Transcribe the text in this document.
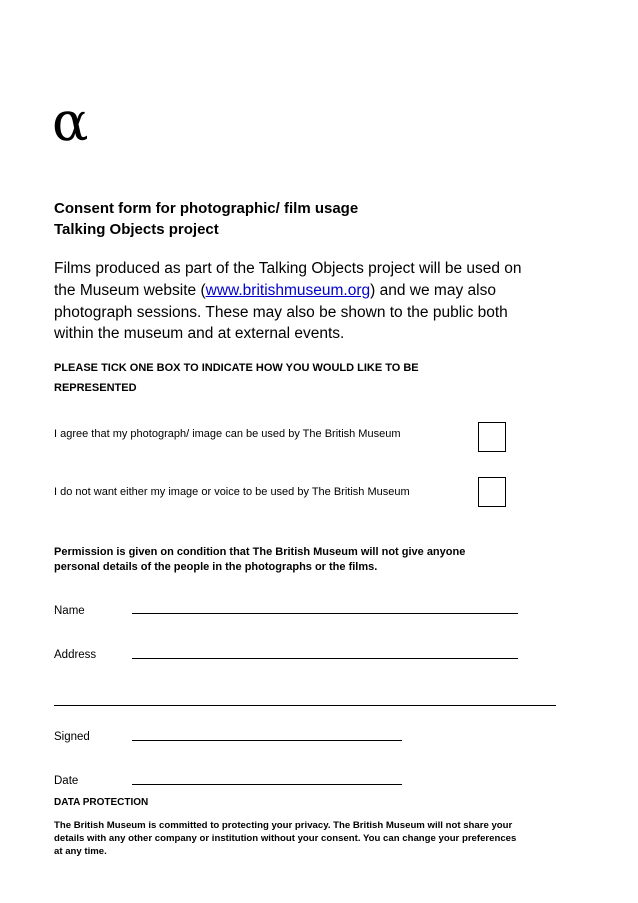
α
Consent form for photographic/ film usage
Talking Objects project
Films produced as part of the Talking Objects project will be used on
the Museum website (www.britishmuseum.org) and we may also
photograph sessions. These may also be shown to the public both
within the museum and at external events.
PLEASE TICK ONE BOX TO INDICATE HOW YOU WOULD LIKE TO BE
REPRESENTED
I agree that my photograph/ image can be used by The British Museum
I do not want either my image or voice to be used by The British Museum
Permission is given on condition that The British Museum will not give anyone
personal details of the people in the photographs or the films.
Name
Address
Signed
Date
DATA PROTECTION
The British Museum is committed to protecting your privacy. The British Museum will not share your
details with any other company or institution without your consent. You can change your preferences
at any time.
